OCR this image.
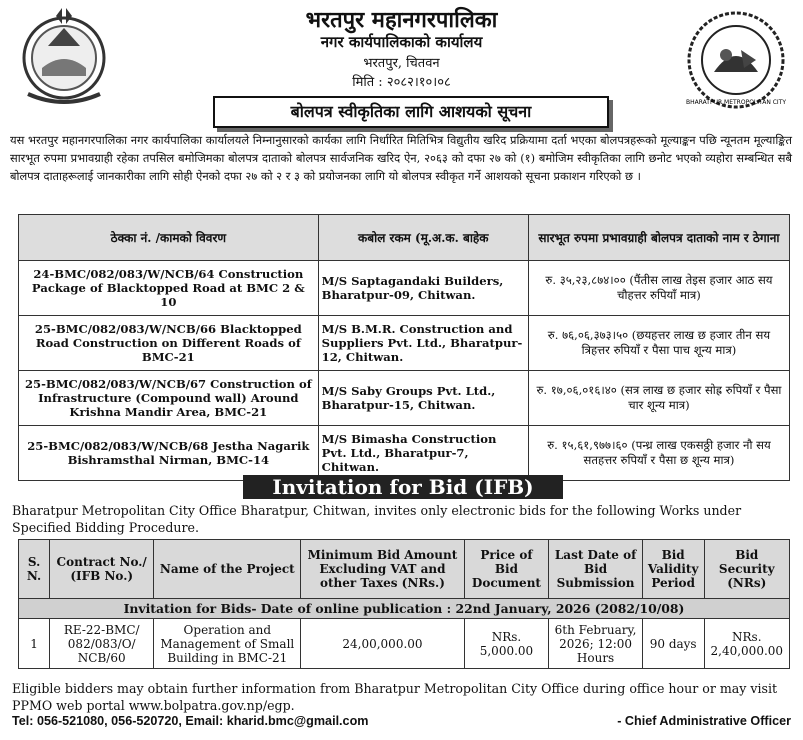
BHARATPUR METROPOLITAN CITY
भरतपुर महानगरपालिका
नगर कार्यपालिकाको कार्यालय
भरतपुर, चितवन
मिति : २०८२।१०।०८
बोलपत्र स्वीकृतिका लागि आशयको सूचना
यस भरतपुर महानगरपालिका नगर कार्यपालिका कार्यालयले निम्नानुसारको कार्यका लागि निर्धारित मितिभित्र विद्युतीय खरिद प्रक्रियामा दर्ता भएका बोलपत्रहरूको मूल्याङ्कन पछि न्यूनतम मूल्याङ्कित सारभूत रुपमा प्रभावग्राही रहेका तपसिल बमोजिमका बोलपत्र दाताको बोलपत्र सार्वजनिक खरिद ऐन, २०६३ को दफा २७ को (१) बमोजिम स्वीकृतिका लागि छनोट भएको व्यहोरा सम्बन्धित सबै बोलपत्र दाताहरूलाई जानकारीका लागि सोही ऐनको दफा २७ को २ र ३ को प्रयोजनका लागि यो बोलपत्र स्वीकृत गर्ने आशयको सूचना प्रकाशन गरिएको छ ।
ठेक्का नं. /कामको विवरण	कबोल रकम (मू.अ.क. बाहेक	सारभूत रुपमा प्रभावग्राही बोलपत्र दाताको नाम र ठेगाना
24-BMC/082/083/W/NCB/64 Construction Package of Blacktopped Road at BMC 2 & 10	M/S Saptagandaki Builders, Bharatpur-09, Chitwan.	रु. ३५,२३,८७४।०० (पैंतीस लाख तेइस हजार आठ सय चौहत्तर रुपियाँ मात्र)
25-BMC/082/083/W/NCB/66 Blacktopped Road Construction on Different Roads of BMC-21	M/S B.M.R. Construction and Suppliers Pvt. Ltd., Bharatpur-12, Chitwan.	रु. ७६,०६,३७३।५० (छयहत्तर लाख छ हजार तीन सय त्रिहत्तर रुपियाँ र पैसा पाच शून्य मात्र)
25-BMC/082/083/W/NCB/67 Construction of Infrastructure (Compound wall) Around Krishna Mandir Area, BMC-21	M/S Saby Groups Pvt. Ltd., Bharatpur-15, Chitwan.	रु. १७,०६,०१६।४० (सत्र लाख छ हजार सोह्र रुपियाँ र पैसा चार शून्य मात्र)
25-BMC/082/083/W/NCB/68 Jestha Nagarik Bishramsthal Nirman, BMC-14	M/S Bimasha Construction Pvt. Ltd., Bharatpur-7, Chitwan.	रु. १५,६१,९७७।६० (पन्ध्र लाख एकसठ्ठी हजार नौ सय सतहत्तर रुपियाँ र पैसा छ शून्य मात्र)
Invitation for Bid (IFB)
Bharatpur Metropolitan City Office Bharatpur, Chitwan, invites only electronic bids for the following Works under Specified Bidding Procedure.
S. N.	Contract No./ (IFB No.)	Name of the Project	Minimum Bid Amount Excluding VAT and other Taxes (NRs.)	Price of Bid Document	Last Date of Bid Submission	Bid Validity Period	Bid Security (NRs)
Invitation for Bids- Date of online publication : 22nd January, 2026 (2082/10/08)							
1	RE-22-BMC/ 082/083/O/ NCB/60	Operation and Management of Small Building in BMC-21	24,00,000.00	NRs. 5,000.00	6th February, 2026; 12:00 Hours	90 days	NRs. 2,40,000.00
Eligible bidders may obtain further information from Bharatpur Metropolitan City Office during office hour or may visit PPMO web portal www.bolpatra.gov.np/egp.
Tel: 056-521080, 056-520720, Email: kharid.bmc@gmail.com	- Chief Administrative Officer
